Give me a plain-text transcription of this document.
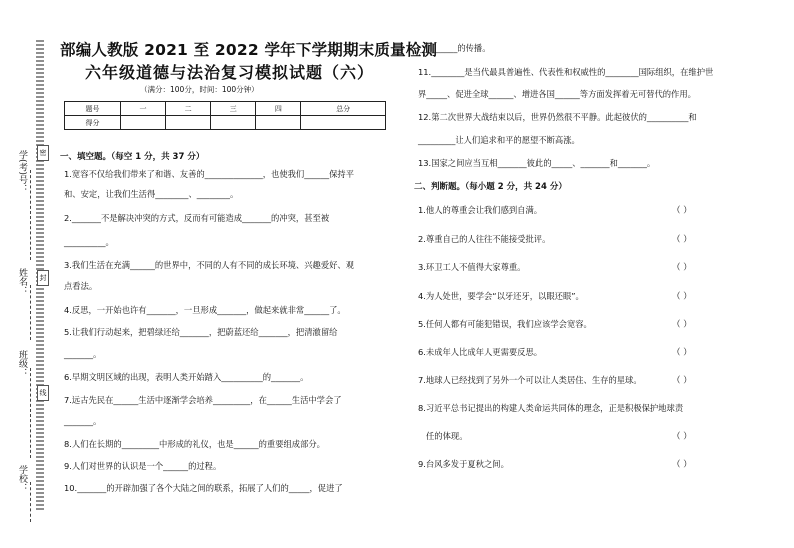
密
封
线
学(考)号：
姓名：
班级：
学校：
部编人教版 2021 至 2022 学年下学期期末质量检测
六年级道德与法治复习模拟试题（六）
（满分：100分，时间：100分钟）
题号	一	二	三	四	总分
得分					
一、填空题。（每空 1 分，共 37 分）
1.宽容不仅给我们带来了和谐、友善的______________，也使我们______保持平
和、安定，让我们生活得________、________。
2._______不是解决冲突的方式，反而有可能造成_______的冲突，甚至被
__________。
3.我们生活在充满______的世界中，不同的人有不同的成长环境、兴趣爱好、观
点看法。
4.反思，一开始也许有_______，一旦形成_______，做起来就非常______了。
5.让我们行动起来，把碧绿还给_______，把蔚蓝还给_______，把清澈留给
_______。
6.早期文明区域的出现，表明人类开始踏入__________的_______。
7.远古先民在______生活中逐渐学会培养_________，在______生活中学会了
_______。
8.人们在长期的_________中形成的礼仪，也是______的重要组成部分。
9.人们对世界的认识是一个______的过程。
10._______的开辟加强了各个大陆之间的联系，拓展了人们的_____，促进了
_________的传播。
11.________是当代最具普遍性、代表性和权威性的________国际组织，在维护世
界_____、促进全球______、增进各国______等方面发挥着无可替代的作用。
12.第二次世界大战结束以后，世界仍然很不平静。此起彼伏的__________和
_________让人们追求和平的愿望不断高涨。
13.国家之间应当互相_______彼此的_____、_______和_______。
二、判断题。（每小题 2 分，共 24 分）
1.他人的尊重会让我们感到自满。	（ ）
2.尊重自己的人往往不能接受批评。	（ ）
3.环卫工人不值得大家尊重。	（ ）
4.为人处世，要学会“以牙还牙，以眼还眼”。	（ ）
5.任何人都有可能犯错误，我们应该学会宽容。	（ ）
6.未成年人比成年人更需要反思。	（ ）
7.地球人已经找到了另外一个可以让人类居住、生存的星球。	（ ）
8.习近平总书记提出的构建人类命运共同体的理念，正是积极保护地球责
任的体现。	（ ）
9.台风多发于夏秋之间。	（ ）
